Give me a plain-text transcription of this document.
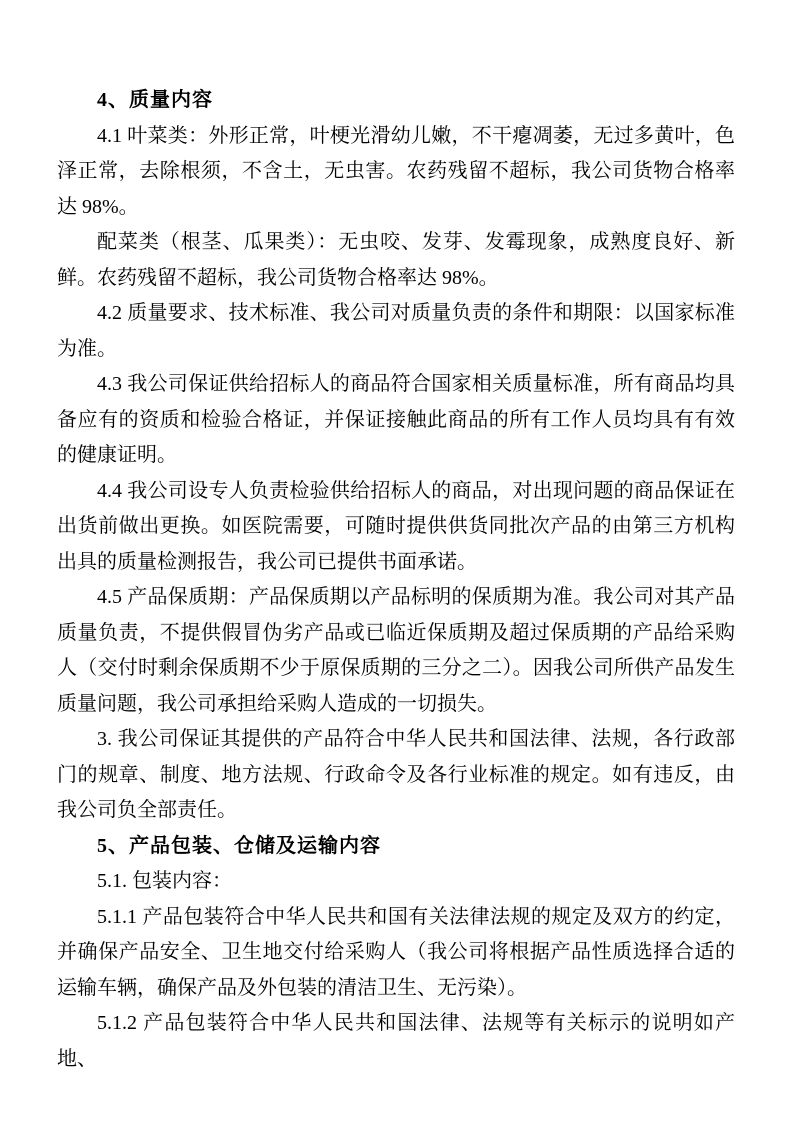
4、质量内容

4.1 叶菜类：外形正常，叶梗光滑幼儿嫩，不干瘪凋萎，无过多黄叶，色泽正常，去除根须，不含土，无虫害。农药残留不超标，我公司货物合格率达 98%。

配菜类（根茎、瓜果类）：无虫咬、发芽、发霉现象，成熟度良好、新鲜。农药残留不超标，我公司货物合格率达 98%。

4.2 质量要求、技术标准、我公司对质量负责的条件和期限：以国家标准为准。

4.3 我公司保证供给招标人的商品符合国家相关质量标准，所有商品均具备应有的资质和检验合格证，并保证接触此商品的所有工作人员均具有有效的健康证明。

4.4 我公司设专人负责检验供给招标人的商品，对出现问题的商品保证在出货前做出更换。如医院需要，可随时提供供货同批次产品的由第三方机构出具的质量检测报告，我公司已提供书面承诺。

4.5 产品保质期：产品保质期以产品标明的保质期为准。我公司对其产品质量负责，不提供假冒伪劣产品或已临近保质期及超过保质期的产品给采购人（交付时剩余保质期不少于原保质期的三分之二）。因我公司所供产品发生质量问题，我公司承担给采购人造成的一切损失。

3. 我公司保证其提供的产品符合中华人民共和国法律、法规，各行政部门的规章、制度、地方法规、行政命令及各行业标准的规定。如有违反，由我公司负全部责任。

5、产品包装、仓储及运输内容

5.1. 包装内容：

5.1.1 产品包装符合中华人民共和国有关法律法规的规定及双方的约定，并确保产品安全、卫生地交付给采购人（我公司将根据产品性质选择合适的运输车辆，确保产品及外包装的清洁卫生、无污染）。

5.1.2 产品包装符合中华人民共和国法律、法规等有关标示的说明如产地、
